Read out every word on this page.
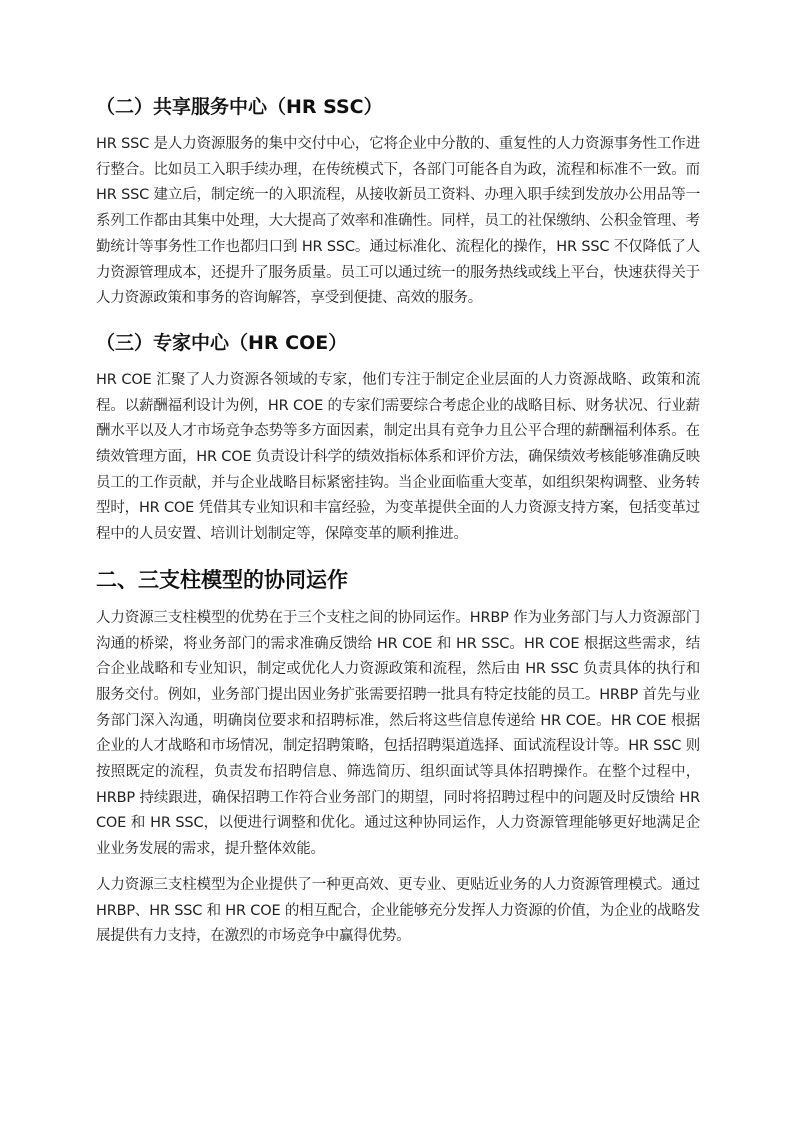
（二）共享服务中心（HR SSC）

HR SSC 是人力资源服务的集中交付中心，它将企业中分散的、重复性的人力资源事务性工作进行整合。比如员工入职手续办理，在传统模式下，各部门可能各自为政，流程和标准不一致。而 HR SSC 建立后，制定统一的入职流程，从接收新员工资料、办理入职手续到发放办公用品等一系列工作都由其集中处理，大大提高了效率和准确性。同样，员工的社保缴纳、公积金管理、考勤统计等事务性工作也都归口到 HR SSC。通过标准化、流程化的操作，HR SSC 不仅降低了人力资源管理成本，还提升了服务质量。员工可以通过统一的服务热线或线上平台，快速获得关于人力资源政策和事务的咨询解答，享受到便捷、高效的服务。

（三）专家中心（HR COE）

HR COE 汇聚了人力资源各领域的专家，他们专注于制定企业层面的人力资源战略、政策和流程。以薪酬福利设计为例，HR COE 的专家们需要综合考虑企业的战略目标、财务状况、行业薪酬水平以及人才市场竞争态势等多方面因素，制定出具有竞争力且公平合理的薪酬福利体系。在绩效管理方面，HR COE 负责设计科学的绩效指标体系和评价方法，确保绩效考核能够准确反映员工的工作贡献，并与企业战略目标紧密挂钩。当企业面临重大变革，如组织架构调整、业务转型时，HR COE 凭借其专业知识和丰富经验，为变革提供全面的人力资源支持方案，包括变革过程中的人员安置、培训计划制定等，保障变革的顺利推进。

二、三支柱模型的协同运作

人力资源三支柱模型的优势在于三个支柱之间的协同运作。HRBP 作为业务部门与人力资源部门沟通的桥梁，将业务部门的需求准确反馈给 HR COE 和 HR SSC。HR COE 根据这些需求，结合企业战略和专业知识，制定或优化人力资源政策和流程，然后由 HR SSC 负责具体的执行和服务交付。例如，业务部门提出因业务扩张需要招聘一批具有特定技能的员工。HRBP 首先与业务部门深入沟通，明确岗位要求和招聘标准，然后将这些信息传递给 HR COE。HR COE 根据企业的人才战略和市场情况，制定招聘策略，包括招聘渠道选择、面试流程设计等。HR SSC 则按照既定的流程，负责发布招聘信息、筛选简历、组织面试等具体招聘操作。在整个过程中，HRBP 持续跟进，确保招聘工作符合业务部门的期望，同时将招聘过程中的问题及时反馈给 HR COE 和 HR SSC，以便进行调整和优化。通过这种协同运作，人力资源管理能够更好地满足企业业务发展的需求，提升整体效能。

人力资源三支柱模型为企业提供了一种更高效、更专业、更贴近业务的人力资源管理模式。通过 HRBP、HR SSC 和 HR COE 的相互配合，企业能够充分发挥人力资源的价值，为企业的战略发展提供有力支持，在激烈的市场竞争中赢得优势。
